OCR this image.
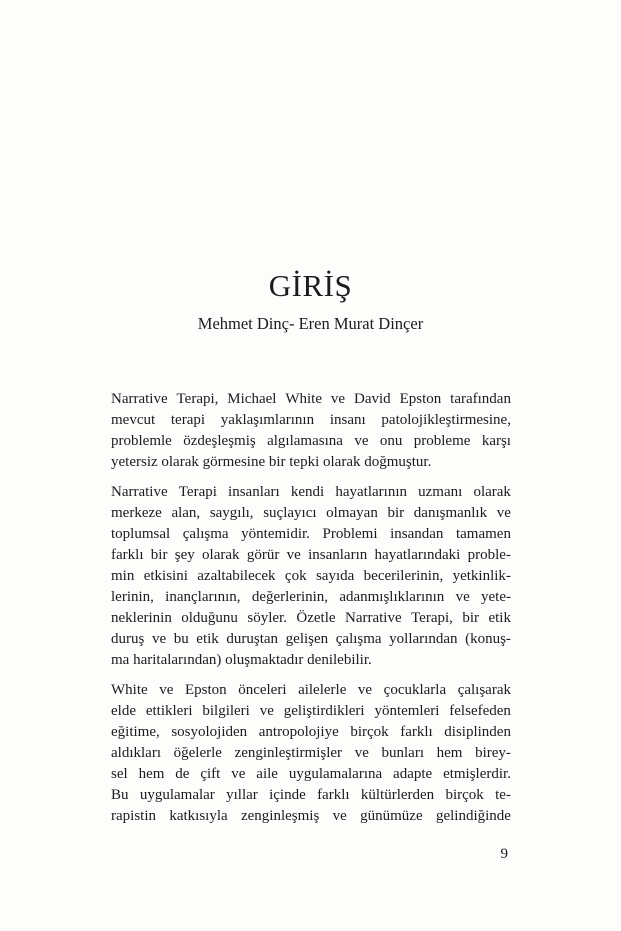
GİRİŞ
Mehmet Dinç- Eren Murat Dinçer
Narrative Terapi, Michael White ve David Epston tarafından
mevcut terapi yaklaşımlarının insanı patolojikleştirmesine,
problemle özdeşleşmiş algılamasına ve onu probleme karşı
yetersiz olarak görmesine bir tepki olarak doğmuştur.
Narrative Terapi insanları kendi hayatlarının uzmanı olarak
merkeze alan, saygılı, suçlayıcı olmayan bir danışmanlık ve
toplumsal çalışma yöntemidir. Problemi insandan tamamen
farklı bir şey olarak görür ve insanların hayatlarındaki proble-
min etkisini azaltabilecek çok sayıda becerilerinin, yetkinlik-
lerinin, inançlarının, değerlerinin, adanmışlıklarının ve yete-
neklerinin olduğunu söyler. Özetle Narrative Terapi, bir etik
duruş ve bu etik duruştan gelişen çalışma yollarından (konuş-
ma haritalarından) oluşmaktadır denilebilir.
White ve Epston önceleri ailelerle ve çocuklarla çalışarak
elde ettikleri bilgileri ve geliştirdikleri yöntemleri felsefeden
eğitime, sosyolojiden antropolojiye birçok farklı disiplinden
aldıkları öğelerle zenginleştirmişler ve bunları hem birey-
sel hem de çift ve aile uygulamalarına adapte etmişlerdir.
Bu uygulamalar yıllar içinde farklı kültürlerden birçok te-
rapistin katkısıyla zenginleşmiş ve günümüze gelindiğinde
9
